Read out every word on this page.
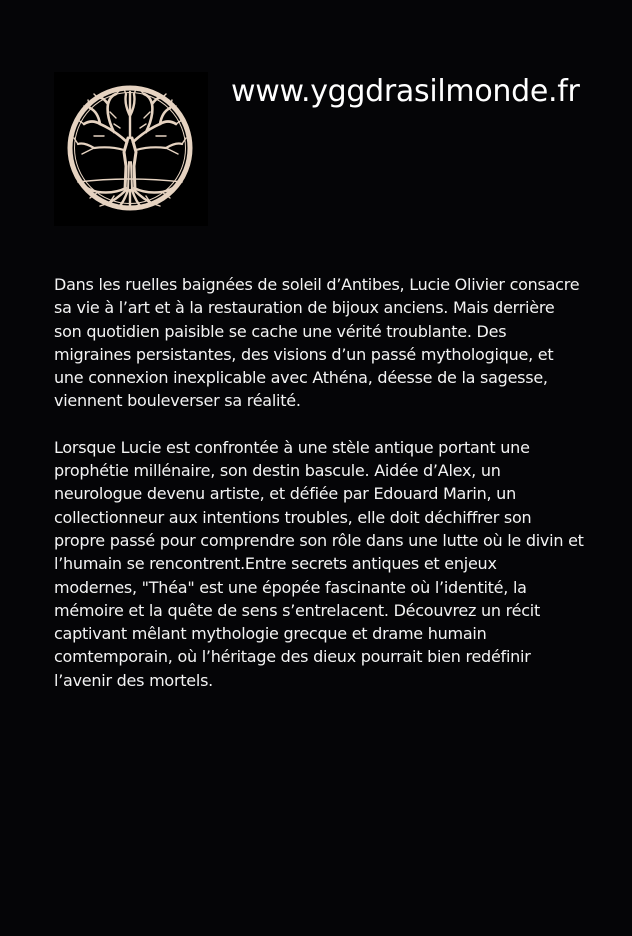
www.yggdrasilmonde.fr

Dans les ruelles baignées de soleil d’Antibes, Lucie Olivier consacre sa vie à l’art et à la restauration de bijoux anciens. Mais derrière son quotidien paisible se cache une vérité troublante. Des migraines persistantes, des visions d’un passé mythologique, et une connexion inexplicable avec Athéna, déesse de la sagesse, viennent bouleverser sa réalité.

Lorsque Lucie est confrontée à une stèle antique portant une prophétie millénaire, son destin bascule. Aidée d’Alex, un neurologue devenu artiste, et défiée par Edouard Marin, un collectionneur aux intentions troubles, elle doit déchiffrer son propre passé pour comprendre son rôle dans une lutte où le divin et l’humain se rencontrent.Entre secrets antiques et enjeux modernes, "Théa" est une épopée fascinante où l’identité, la mémoire et la quête de sens s’entrelacent. Découvrez un récit captivant mêlant mythologie grecque et drame humain comtemporain, où l’héritage des dieux pourrait bien redéfinir l’avenir des mortels.
